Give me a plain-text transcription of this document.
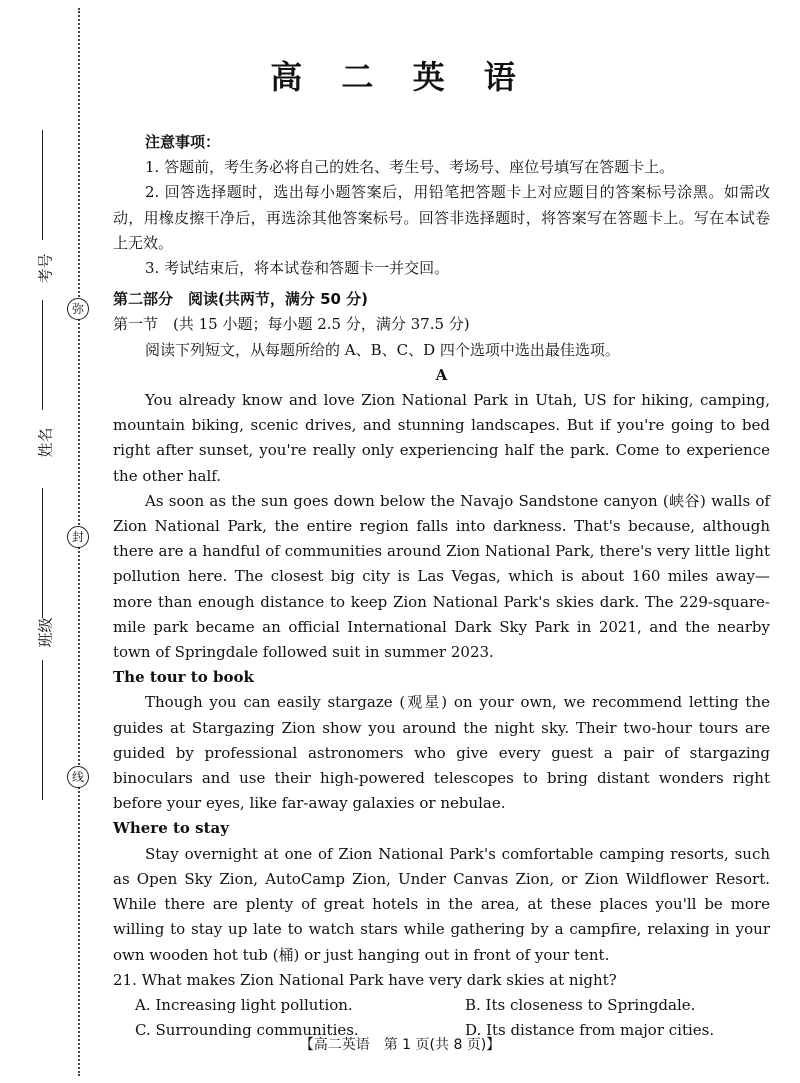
考号
弥
姓名
封
班级
线
高 二 英 语

注意事项：

1. 答题前，考生务必将自己的姓名、考生号、考场号、座位号填写在答题卡上。

2. 回答选择题时，选出每小题答案后，用铅笔把答题卡上对应题目的答案标号涂黑。如需改动，用橡皮擦干净后，再选涂其他答案标号。回答非选择题时，将答案写在答题卡上。写在本试卷上无效。

3. 考试结束后，将本试卷和答题卡一并交回。

第二部分　阅读(共两节，满分 50 分)

第一节　(共 15 小题；每小题 2.5 分，满分 37.5 分)

阅读下列短文，从每题所给的 A、B、C、D 四个选项中选出最佳选项。

A

You already know and love Zion National Park in Utah, US for hiking, camping, mountain biking, scenic drives, and stunning landscapes. But if you're going to bed right after sunset, you're really only experiencing half the park. Come to experience the other half.

As soon as the sun goes down below the Navajo Sandstone canyon (峡谷) walls of Zion National Park, the entire region falls into darkness. That's because, although there are a handful of communities around Zion National Park, there's very little light pollution here. The closest big city is Las Vegas, which is about 160 miles away—more than enough distance to keep Zion National Park's skies dark. The 229-square-mile park became an official International Dark Sky Park in 2021, and the nearby town of Springdale followed suit in summer 2023.

The tour to book

Though you can easily stargaze (观星) on your own, we recommend letting the guides at Stargazing Zion show you around the night sky. Their two-hour tours are guided by professional astronomers who give every guest a pair of stargazing binoculars and use their high-powered telescopes to bring distant wonders right before your eyes, like far-away galaxies or nebulae.

Where to stay

Stay overnight at one of Zion National Park's comfortable camping resorts, such as Open Sky Zion, AutoCamp Zion, Under Canvas Zion, or Zion Wildflower Resort. While there are plenty of great hotels in the area, at these places you'll be more willing to stay up late to watch stars while gathering by a campfire, relaxing in your own wooden hot tub (桶) or just hanging out in front of your tent.

21. What makes Zion National Park have very dark skies at night?

A. Increasing light pollution.	B. Its closeness to Springdale.
C. Surrounding communities.	D. Its distance from major cities.
【高二英语　第 1 页(共 8 页)】
